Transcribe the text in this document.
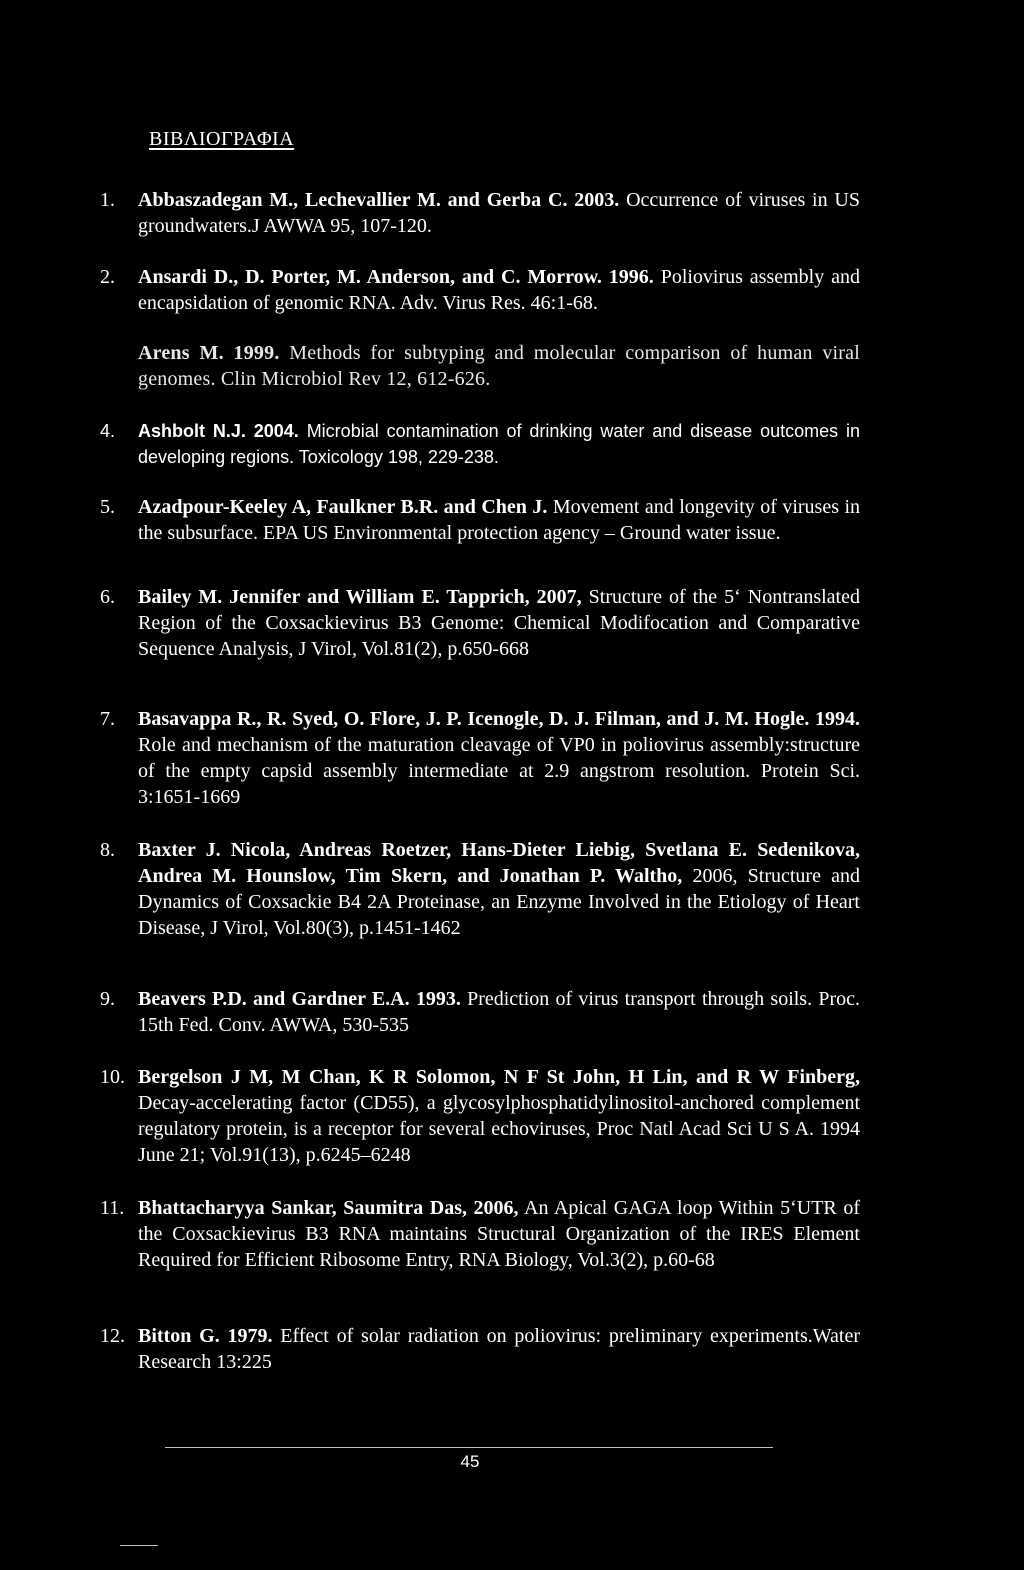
ΒΙΒΛΙΟΓΡΑΦΙΑ
1.	Abbaszadegan M., Lechevallier M. and Gerba C. 2003. Occurrence of viruses in US groundwaters.J AWWA 95, 107-120.
2.	Ansardi D., D. Porter, M. Anderson, and C. Morrow. 1996. Poliovirus assembly and encapsidation of genomic RNA. Adv. Virus Res. 46:1-68.
Arens M. 1999. Methods for subtyping and molecular comparison of human viral genomes. Clin Microbiol Rev 12, 612-626.
4.	Ashbolt N.J. 2004. Microbial contamination of drinking water and disease outcomes in developing regions. Toxicology 198, 229-238.
5.	Azadpour-Keeley A, Faulkner B.R. and Chen J. Movement and longevity of viruses in the subsurface. EPA US Environmental protection agency – Ground water issue.
6.	Bailey M. Jennifer and William E. Tapprich, 2007, Structure of the 5‘ Nontranslated Region of the Coxsackievirus B3 Genome: Chemical Modifocation and Comparative Sequence Analysis, J Virol, Vol.81(2), p.650-668
7.	Basavappa R., R. Syed, O. Flore, J. P. Icenogle, D. J. Filman, and J. M. Hogle. 1994. Role and mechanism of the maturation cleavage of VP0 in poliovirus assembly:structure of the empty capsid assembly intermediate at 2.9 angstrom resolution. Protein Sci. 3:1651-1669
8.	Baxter J. Nicola, Andreas Roetzer, Hans-Dieter Liebig, Svetlana E. Sedenikova, Andrea M. Hounslow, Tim Skern, and Jonathan P. Waltho, 2006, Structure and Dynamics of Coxsackie B4 2A Proteinase, an Enzyme Involved in the Etiology of Heart Disease, J Virol, Vol.80(3), p.1451-1462
9.	Beavers P.D. and Gardner E.A. 1993. Prediction of virus transport through soils. Proc. 15th Fed. Conv. AWWA, 530-535
10. Bergelson J M, M Chan, K R Solomon, N F St John, H Lin, and R W Finberg, Decay-accelerating factor (CD55), a glycosylphosphatidylinositol-anchored complement regulatory protein, is a receptor for several echoviruses, Proc Natl Acad Sci U S A. 1994 June 21; Vol.91(13), p.6245–6248
11. Bhattacharyya Sankar, Saumitra Das, 2006, An Apical GAGA loop Within 5‘UTR of the Coxsackievirus B3 RNA maintains Structural Organization of the IRES Element Required for Efficient Ribosome Entry, RNA Biology, Vol.3(2), p.60-68
12. Bitton G. 1979. Effect of solar radiation on poliovirus: preliminary experiments.Water Research 13:225
45
